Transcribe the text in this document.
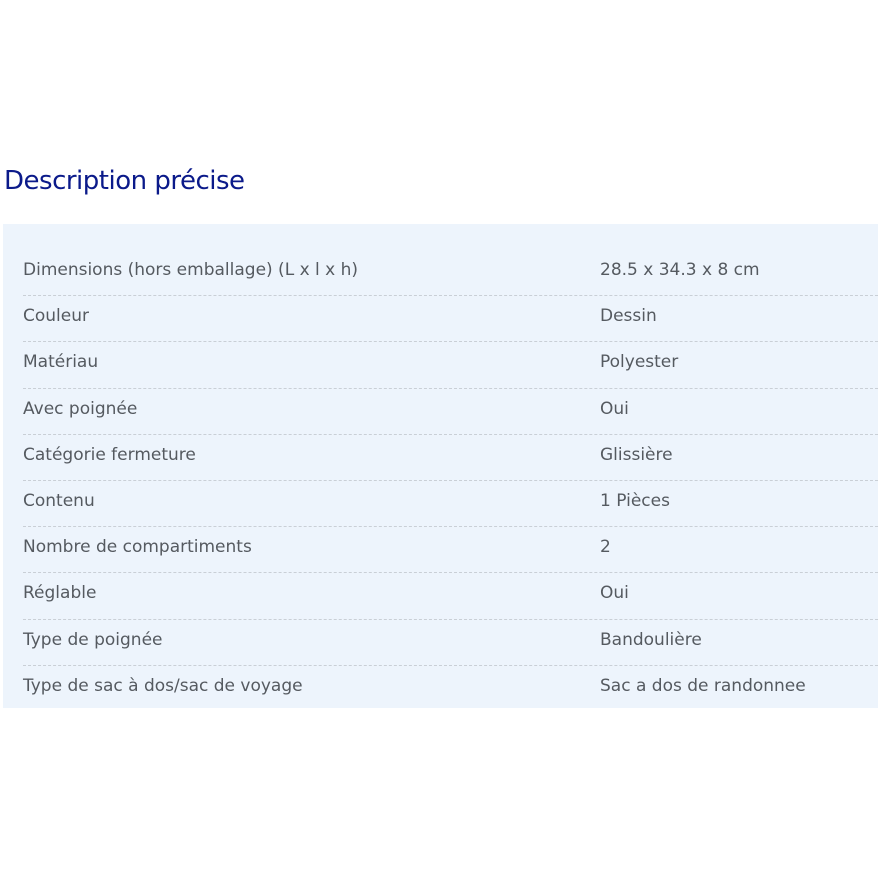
Description précise
Dimensions (hors emballage) (L x l x h)	28.5 x 34.3 x 8 cm
Couleur	Dessin
Matériau	Polyester
Avec poignée	Oui
Catégorie fermeture	Glissière
Contenu	1 Pièces
Nombre de compartiments	2
Réglable	Oui
Type de poignée	Bandoulière
Type de sac à dos/sac de voyage	Sac a dos de randonnee
